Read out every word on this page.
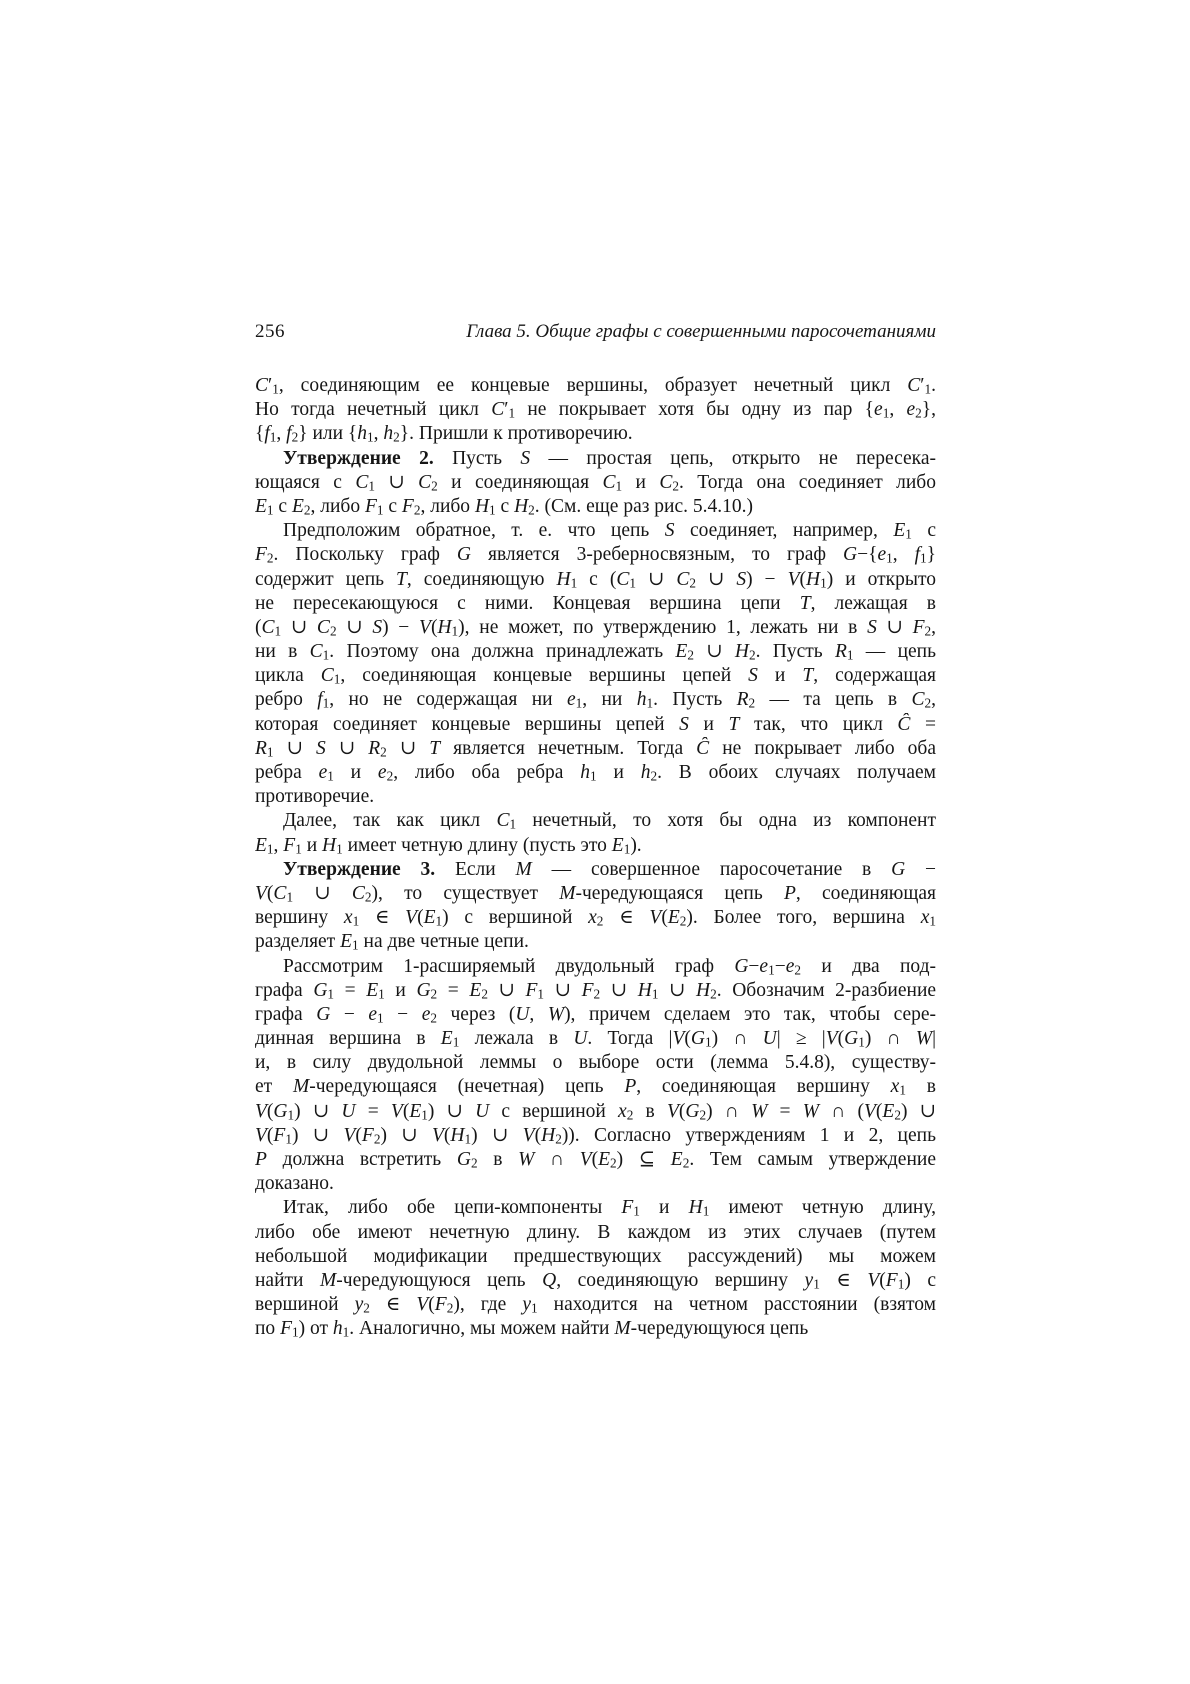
256	Глава 5. Общие графы с совершенными паросочетаниями
$C'_1$, соединяющим ее концевые вершины, образует нечетный цикл $C'_1$.
Но тогда нечетный цикл $C'_1$ не покрывает хотя бы одну из пар {$e_1$, $e_2$},
{$f_1$, $f_2$} или {$h_1$, $h_2$}. Пришли к противоречию.
Утверждение 2. Пусть S — простая цепь, открыто не пересека-
ющаяся с $C_1$ ∪ $C_2$ и соединяющая $C_1$ и $C_2$. Тогда она соединяет либо
$E_1$ с $E_2$, либо $F_1$ с $F_2$, либо $H_1$ с $H_2$. (См. еще раз рис. 5.4.10.)
Предположим обратное, т. е. что цепь S соединяет, например, $E_1$ с
$F_2$. Поскольку граф G является 3-реберносвязным, то граф $G-\{e_1$, $f_1$}
содержит цепь T, соединяющую $H_1$ с ($C_1$ ∪ $C_2$ ∪ $S) - V(H_1)$ и открыто
не пересекающуюся с ними. Концевая вершина цепи T, лежащая в
($C_1$ ∪ $C_2$ ∪ $S) - V(H_1)$, не может, по утверждению 1, лежать ни в S ∪ $F_2$,
ни в $C_1$. Поэтому она должна принадлежать $E_2$ ∪ $H_2$. Пусть $R_1$ — цепь
цикла $C_1$, соединяющая концевые вершины цепей S и T, содержащая
ребро $f_1$, но не содержащая ни $e_1$, ни $h_1$. Пусть $R_2$ — та цепь в $C_2$,
которая соединяет концевые вершины цепей S и T так, что цикл Ĉ =
$R_1$ ∪ S ∪ $R_2$ ∪ T является нечетным. Тогда Ĉ не покрывает либо оба
ребра $e_1$ и $e_2$, либо оба ребра $h_1$ и $h_2$. В обоих случаях получаем
противоречие.
Далее, так как цикл $C_1$ нечетный, то хотя бы одна из компонент
$E_1$, $F_1$ и $H_1$ имеет четную длину (пусть это $E_1$).
Утверждение 3. Если M — совершенное паросочетание в G −
$V(C_1$ ∪ $C_2$), то существует M-чередующаяся цепь P, соединяющая
вершину $x_1$ ∈ $V(E_1)$ с вершиной $x_2$ ∈ $V(E_2)$. Более того, вершина $x_1$
разделяет $E_1$ на две четные цепи.
Рассмотрим 1-расширяемый двудольный граф $G-e_1-e_2$ и два под-
графа $G_1 = E_1$ и $G_2 = E_2$ ∪ $F_1$ ∪ $F_2$ ∪ $H_1$ ∪ $H_2$. Обозначим 2-разбиение
графа $G - e_1 - e_2$ через (U, W), причем сделаем это так, чтобы сере-
динная вершина в $E_1$ лежала в U. Тогда $|V(G_1)$ ∩ $U| \ge |V(G_1)$ ∩ W|
и, в силу двудольной леммы о выборе ости (лемма 5.4.8), существу-
ет M-чередующаяся (нечетная) цепь P, соединяющая вершину $x_1$ в
$V(G_1)$ ∪ $U = V(E_1)$ ∪ U с вершиной $x_2$ в $V(G_2)$ ∩ W = W ∩ ($V(E_2)$ ∪
$V(F_1)$ ∪ $V(F_2)$ ∪ $V(H_1)$ ∪ $V(H_2)$). Согласно утверждениям 1 и 2, цепь
P должна встретить $G_2$ в W ∩ $V(E_2)$ ⊆ $E_2$. Тем самым утверждение
доказано.
Итак, либо обе цепи-компоненты $F_1$ и $H_1$ имеют четную длину,
либо обе имеют нечетную длину. В каждом из этих случаев (путем
небольшой модификации предшествующих рассуждений) мы можем
найти M-чередующуюся цепь Q, соединяющую вершину $y_1$ ∈ $V(F_1)$ с
вершиной $y_2$ ∈ $V(F_2)$, где $y_1$ находится на четном расстоянии (взятом
по $F_1$) от $h_1$. Аналогично, мы можем найти M-чередующуюся цепь
